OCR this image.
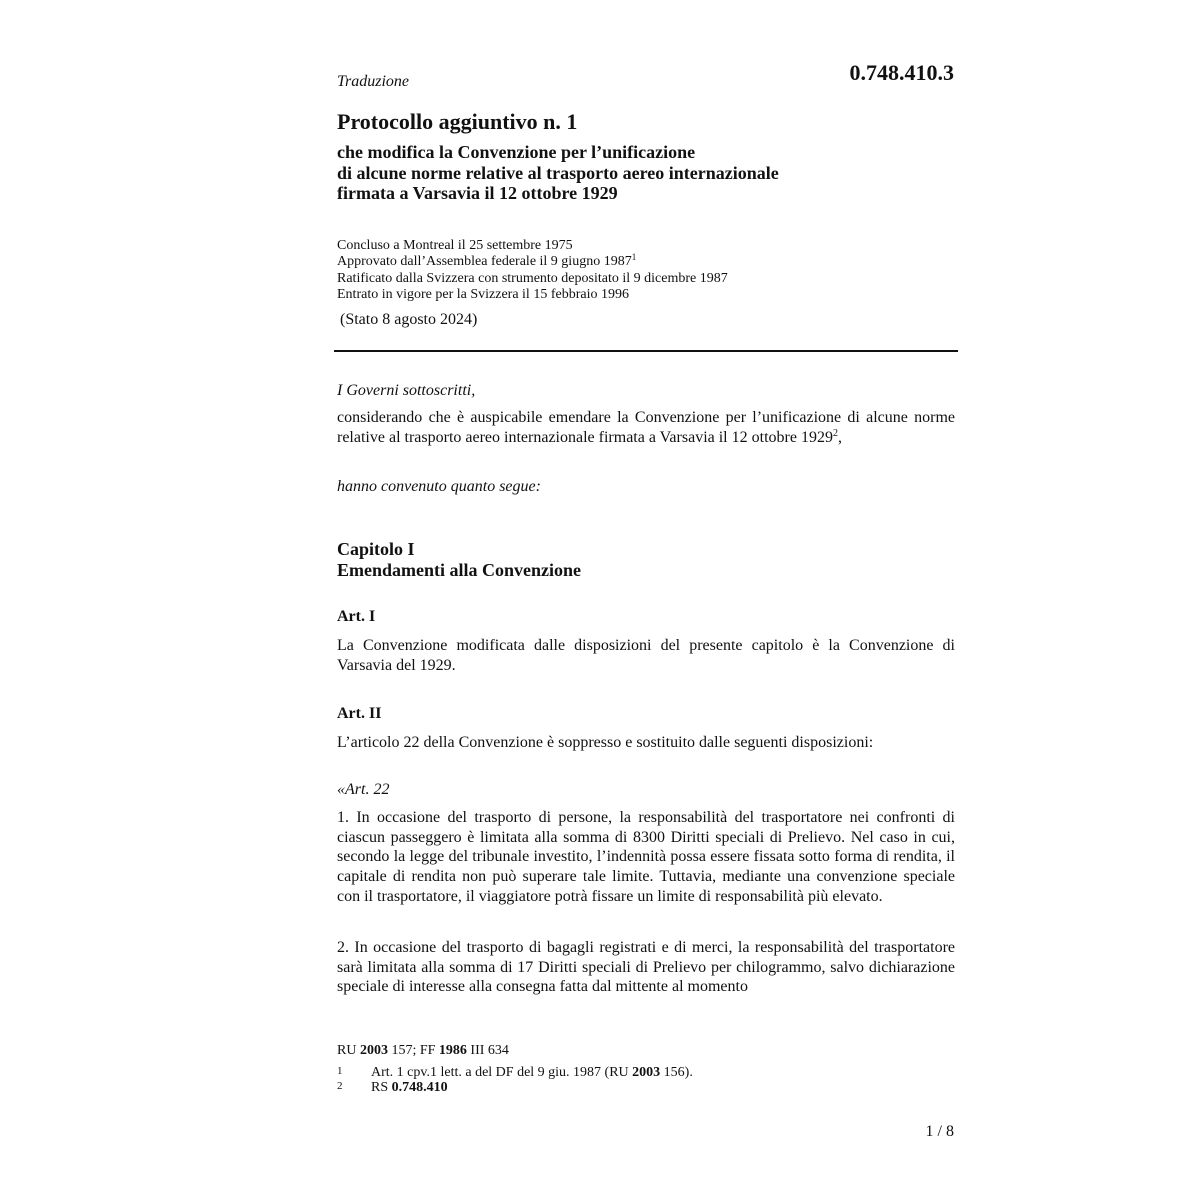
0.748.410.3
Traduzione
Protocollo aggiuntivo n. 1
che modifica la Convenzione per l’unificazione
di alcune norme relative al trasporto aereo internazionale
firmata a Varsavia il 12 ottobre 1929
Concluso a Montreal il 25 settembre 1975
Approvato dall’Assemblea federale il 9 giugno 1987$^1$
Ratificato dalla Svizzera con strumento depositato il 9 dicembre 1987
Entrato in vigore per la Svizzera il 15 febbraio 1996
(Stato 8 agosto 2024)
I Governi sottoscritti,
considerando che è auspicabile emendare la Convenzione per l’unificazione di alcune norme relative al trasporto aereo internazionale firmata a Varsavia il 12 ottobre 1929$^2$,
hanno convenuto quanto segue:
Capitolo I
Emendamenti alla Convenzione
Art. I
La Convenzione modificata dalle disposizioni del presente capitolo è la Convenzione di Varsavia del 1929.
Art. II
L’articolo 22 della Convenzione è soppresso e sostituito dalle seguenti disposizioni:
«Art. 22
1. In occasione del trasporto di persone, la responsabilità del trasportatore nei confronti di ciascun passeggero è limitata alla somma di 8300 Diritti speciali di Prelievo. Nel caso in cui, secondo la legge del tribunale investito, l’indennità possa essere fissata sotto forma di rendita, il capitale di rendita non può superare tale limite. Tuttavia, mediante una convenzione speciale con il trasportatore, il viaggiatore potrà fissare un limite di responsabilità più elevato.
2. In occasione del trasporto di bagagli registrati e di merci, la responsabilità del trasportatore sarà limitata alla somma di 17 Diritti speciali di Prelievo per chilogrammo, salvo dichiarazione speciale di interesse alla consegna fatta dal mittente al momento
RU 2003 157; FF 1986 III 634
1 Art. 1 cpv.1 lett. a del DF del 9 giu. 1987 (RU 2003 156).
2 RS 0.748.410
1 / 8
